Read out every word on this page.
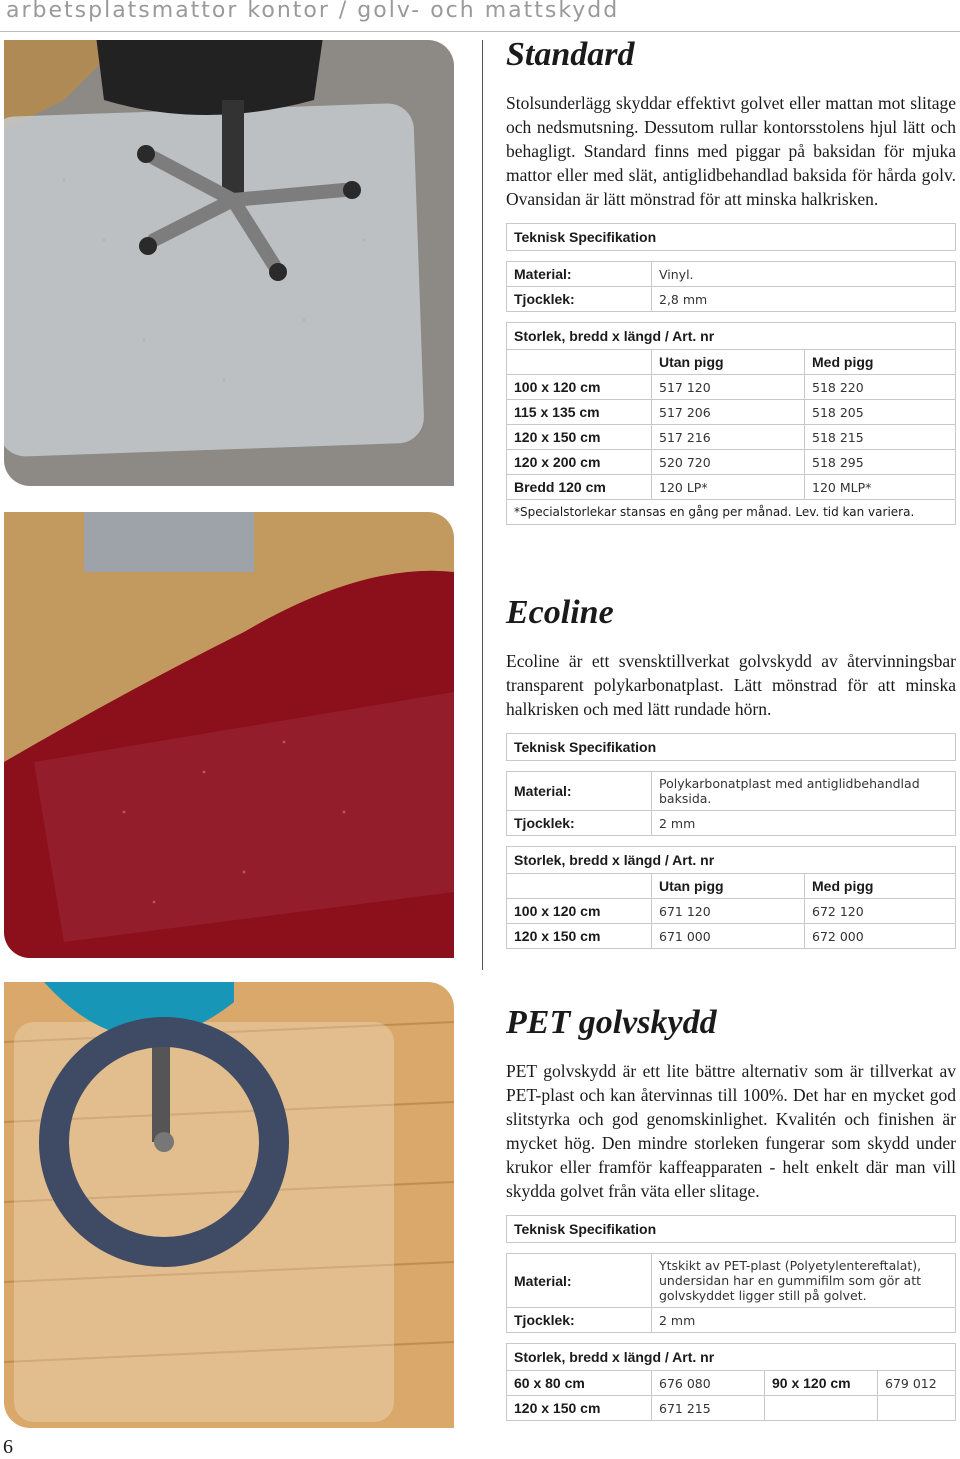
arbetsplatsmattor kontor / golv- och mattskydd
Standard

Stolsunderlägg skyddar effektivt golvet eller mattan mot slitage och nedsmutsning. Dessutom rullar kontorsstolens hjul lätt och behagligt. Standard finns med piggar på baksidan för mjuka mattor eller med slät, antiglidbehandlad baksida för hårda golv. Ovansidan är lätt mönstrad för att minska halkrisken.

Teknisk Specifikation		

Material:	Vinyl.	
Tjocklek:	2,8 mm	

Storlek, bredd x längd / Art. nr		
	Utan pigg	Med pigg
100 x 120 cm	517 120	518 220
115 x 135 cm	517 206	518 205
120 x 150 cm	517 216	518 215
120 x 200 cm	520 720	518 295
Bredd 120 cm	120 LP*	120 MLP*
*Specialstorlekar stansas en gång per månad. Lev. tid kan variera.		
Ecoline

Ecoline är ett svensktillverkat golvskydd av återvinningsbar transparent polykarbonatplast. Lätt mönstrad för att minska halkrisken och med lätt rundade hörn.

Teknisk Specifikation		

Material:	Polykarbonatplast med antiglidbehandlad baksida.	
Tjocklek:	2 mm	

Storlek, bredd x längd / Art. nr		
	Utan pigg	Med pigg
100 x 120 cm	671 120	672 120
120 x 150 cm	671 000	672 000
PET golvskydd

PET golvskydd är ett lite bättre alternativ som är tillverkat av PET-plast och kan återvinnas till 100%. Det har en mycket god slitstyrka och god genomskinlighet. Kvalitén och finishen är mycket hög. Den mindre storleken fungerar som skydd under krukor eller framför kaffeapparaten - helt enkelt där man vill skydda golvet från väta eller slitage.

Teknisk Specifikation			

Material:	Ytskikt av PET-plast (Polyetylentereftalat), undersidan har en gummifilm som gör att golvskyddet ligger still på golvet.		
Tjocklek:	2 mm		

Storlek, bredd x längd / Art. nr			
60 x 80 cm	676 080	90 x 120 cm	679 012
120 x 150 cm	671 215		
6
